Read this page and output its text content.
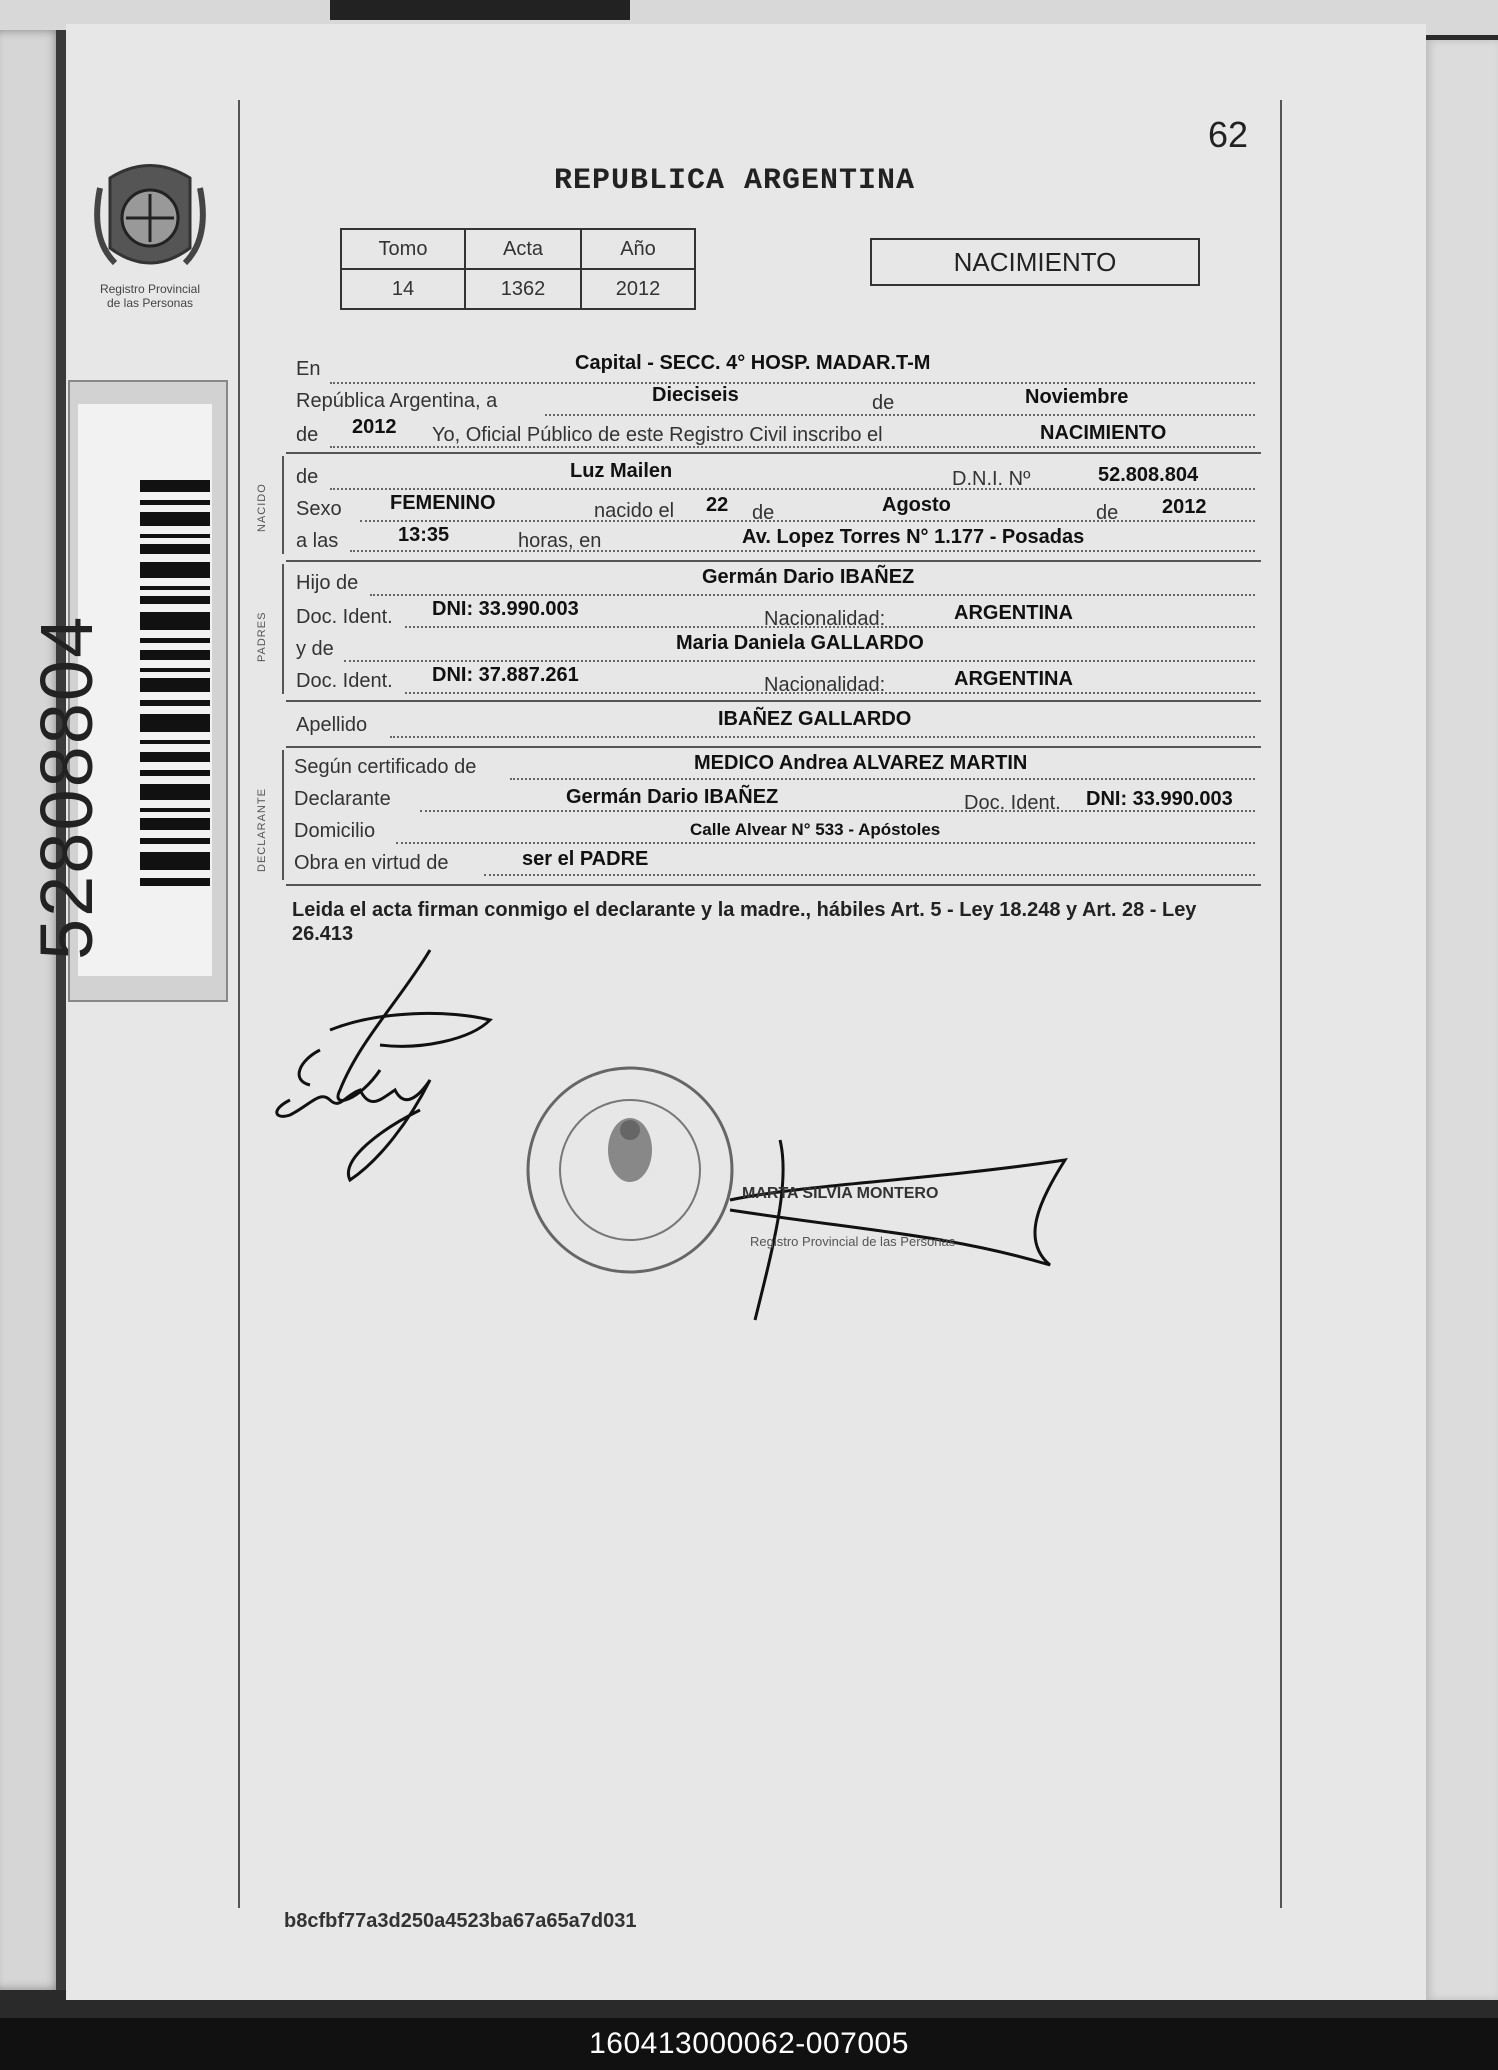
Registro Provincial
de las Personas
52808804
62
REPUBLICA ARGENTINA
Tomo	Acta	Año
14	1362	2012
NACIMIENTO
En	Capital - SECC. 4° HOSP. MADAR.T-M
República Argentina, a	Dieciseis	de	Noviembre
de 2012 Yo, Oficial Público de este Registro Civil inscribo el	NACIMIENTO
NACIDO
de	Luz Mailen	D.N.I. Nº	52.808.804
Sexo FEMENINO	nacido el 22 de	Agosto	de 2012
a las	13:35	horas, en	Av. Lopez Torres N° 1.177 - Posadas
PADRES
Hijo de	Germán Dario IBAÑEZ
Doc. Ident. DNI: 33.990.003	Nacionalidad:	ARGENTINA
y de	Maria Daniela GALLARDO
Doc. Ident. DNI: 37.887.261	Nacionalidad:	ARGENTINA
Apellido	IBAÑEZ GALLARDO
DECLARANTE
Según certificado de	MEDICO Andrea ALVAREZ MARTIN
Declarante	Germán Dario IBAÑEZ	Doc. Ident. DNI: 33.990.003
Domicilio	Calle Alvear N° 533 - Apóstoles
Obra en virtud de	ser el PADRE
Leida el acta firman conmigo el declarante y la madre., hábiles Art. 5 - Ley 18.248 y Art. 28 - Ley 26.413
MARTA SILVIA MONTERO
Registro Provincial de las Personas
b8cfbf77a3d250a4523ba67a65a7d031
160413000062-007005
